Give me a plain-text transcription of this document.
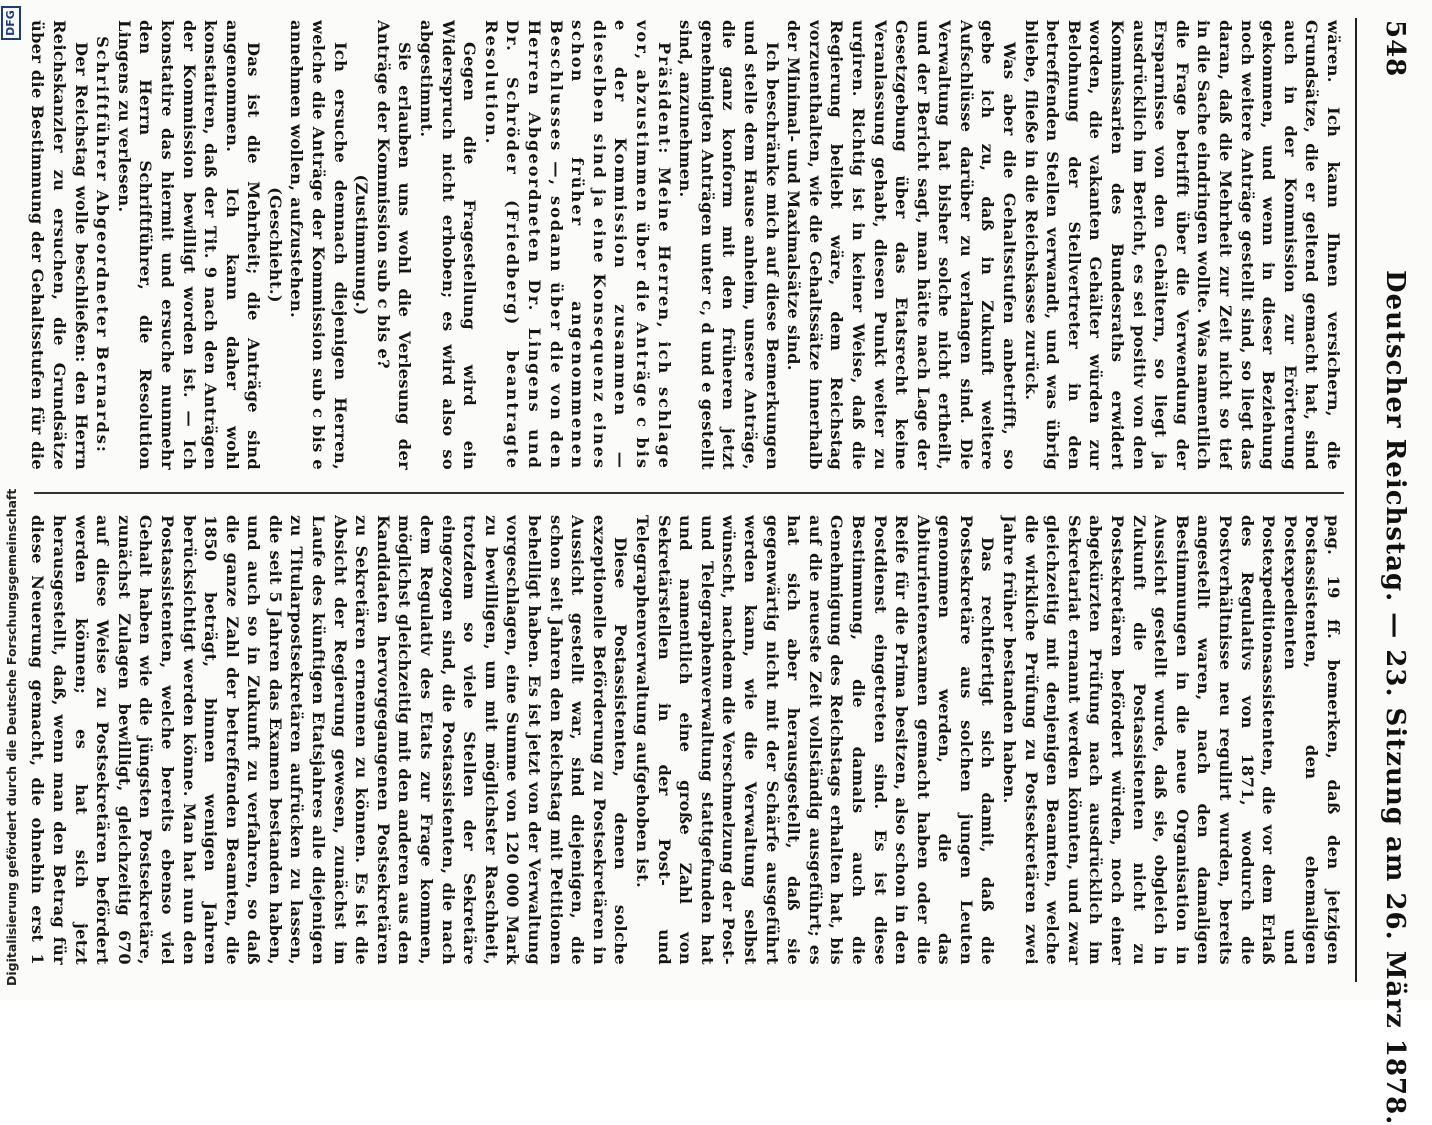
548
Deutscher Reichstag. — 23. Sitzung am 26. März 1878.

wären. Ich kann Ihnen versichern, die Grundsätze, die er geltend gemacht hat, sind auch in der Kommission zur Erörterung gekommen, und wenn in dieser Beziehung noch weitere Anträge gestellt sind, so liegt das daran, daß die Mehrheit zur Zeit nicht so tief in die Sache eindringen wollte. Was namentlich die Frage betrifft über die Verwendung der Ersparnisse von den Gehältern, so liegt ja ausdrücklich im Bericht, es sei positiv von den Kommissarien des Bundesraths erwidert worden, die vakanten Gehälter würden zur Belohnung der Stellvertreter in den betreffenden Stellen verwandt, und was übrig bliebe, fließe in die Reichskasse zurück.

Was aber die Gehaltsstufen anbetrifft, so gebe ich zu, daß in Zukunft weitere Aufschlüsse darüber zu verlangen sind. Die Verwaltung hat bisher solche nicht ertheilt, und der Bericht sagt, man hätte nach Lage der Gesetzgebung über das Etatsrecht keine Veranlassung gehabt, diesen Punkt weiter zu urgiren. Richtig ist in keiner Weise, daß die Regierung beliebt wäre, dem Reichstag vorzuenthalten, wie die Gehaltssätze innerhalb der Minimal- und Maximalsätze sind.

Ich beschränke mich auf diese Bemerkungen und stelle dem Hause anheim, unsere Anträge, die ganz konform mit den früheren jetzt genehmigten Anträgen unter c, d und e gestellt sind, anzunehmen.

Präsident: Meine Herren, ich schlage vor, abzustimmen über die Anträge c bis e der Kommission zusammen — dieselben sind ja eine Konsequenz eines schon früher angenommenen Beschlusses —, sodann über die von den Herren Abgeordneten Dr. Lingens und Dr. Schröder (Friedberg) beantragte Resolution.

Gegen die Fragestellung wird ein Widerspruch nicht erhoben; es wird also so abgestimmt.

Sie erlauben uns wohl die Verlesung der Anträge der Kommission sub c bis e?

(Zustimmung.)

Ich ersuche demnach diejenigen Herren, welche die Anträge der Kommission sub c bis e annehmen wollen, aufzustehen.

(Geschieht.)

Das ist die Mehrheit; die Anträge sind angenommen. Ich kann daher wohl konstatiren, daß der Tit. 9 nach den Anträgen der Kommission bewilligt worden ist. — Ich konstatire das hiermit und ersuche nunmehr den Herrn Schriftführer, die Resolution Lingens zu verlesen.

Schriftführer Abgeordneter Bernards:

Der Reichstag wolle beschließen: den Herrn Reichskanzler zu ersuchen, die Grundsätze über die Bestimmung der Gehaltsstufen für die

pag. 19 ff. bemerken, daß den jetzigen Postassistenten, den ehemaligen Postexpedienten und Postexpeditionsassistenten, die vor dem Erlaß des Regulativs von 1871, wodurch die Postverhältnisse neu regulirt wurden, bereits angestellt waren, nach den damaligen Bestimmungen in die neue Organisation in Aussicht gestellt wurde, daß sie, obgleich in Zukunft die Postassistenten nicht zu Postsekretären befördert würden, noch einer abgekürzten Prüfung nach ausdrücklich im Sekretariat ernannt werden könnten, und zwar gleichzeitig mit denjenigen Beamten, welche die wirkliche Prüfung zu Postsekretären zwei Jahre früher bestanden haben.

Das rechtfertigt sich damit, daß die Postsekretäre aus solchen jungen Leuten genommen werden, die das Abiturientenexamen gemacht haben oder die Reife für die Prima besitzen, also schon in den Postdienst eingetreten sind. Es ist diese Bestimmung, die damals auch die Genehmigung des Reichstags erhalten hat, bis auf die neueste Zeit vollständig ausgeführt; es hat sich aber herausgestellt, daß sie gegenwärtig nicht mit der Schärfe ausgeführt werden kann, wie die Verwaltung selbst wünscht, nachdem die Verschmelzung der Post- und Telegraphenverwaltung stattgefunden hat und namentlich eine große Zahl von Sekretärstellen in der Post- und Telegraphenverwaltung aufgehoben ist.

Diese Postassistenten, denen solche exzeptionelle Beförderung zu Postsekretären in Aussicht gestellt war, sind diejenigen, die schon seit Jahren den Reichstag mit Petitionen behelligt haben. Es ist jetzt von der Verwaltung vorgeschlagen, eine Summe von 120 000 Mark zu bewilligen, um mit möglichster Raschheit, trotzdem so viele Stellen der Sekretäre eingezogen sind, die Postassistenten, die nach dem Regulativ des Etats zur Frage kommen, möglichst gleichzeitig mit den anderen aus den Kandidaten hervorgegangenen Postsekretären zu Sekretären ernennen zu können. Es ist die Absicht der Regierung gewesen, zunächst im Laufe des künftigen Etatsjahres alle diejenigen zu Titularpostsekretären aufrücken zu lassen, die seit 5 Jahren das Examen bestanden haben, und auch so in Zukunft zu verfahren, so daß die ganze Zahl der betreffenden Beamten, die 1850 beträgt, binnen wenigen Jahren berücksichtigt werden könne. Man hat nun den Postassistenten, welche bereits ebenso viel Gehalt haben wie die jüngsten Postsekretäre, zunächst Zulagen bewilligt, gleichzeitig 670 auf diese Weise zu Postsekretären befördert werden können; es hat sich jetzt herausgestellt, daß, wenn man den Betrag für diese Neuerung gemacht, die ohnehin erst 1

Digitalisierung gefördert durch die Deutsche Forschungsgemeinschaft
DFG
